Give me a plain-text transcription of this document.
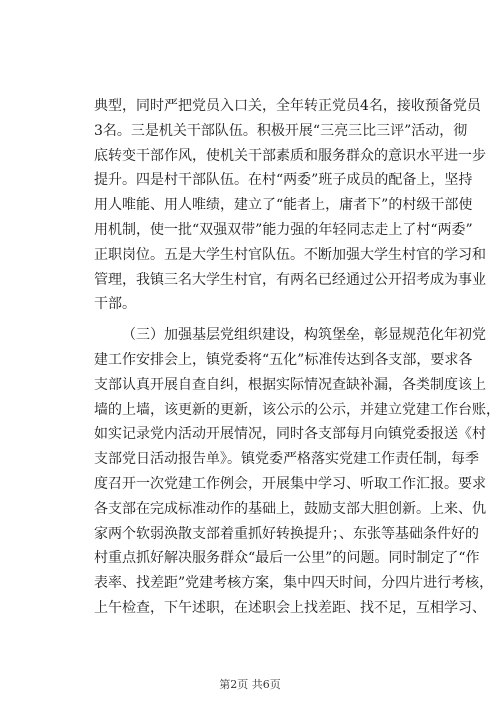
典型，同时严把党员入口关，全年转正党员4名，接收预备党员
3名。三是机关干部队伍。积极开展“三亮三比三评”活动，彻
底转变干部作风，使机关干部素质和服务群众的意识水平进一步
提升。四是村干部队伍。在村“两委”班子成员的配备上，坚持
用人唯能、用人唯绩，建立了“能者上，庸者下”的村级干部使
用机制，使一批“双强双带”能力强的年轻同志走上了村“两委”
正职岗位。五是大学生村官队伍。不断加强大学生村官的学习和
管理，我镇三名大学生村官，有两名已经通过公开招考成为事业
干部。
（三）加强基层党组织建设，构筑堡垒，彰显规范化年初党
建工作安排会上，镇党委将“五化”标准传达到各支部，要求各
支部认真开展自查自纠，根据实际情况查缺补漏，各类制度该上
墙的上墙，该更新的更新，该公示的公示，并建立党建工作台账，
如实记录党内活动开展情况，同时各支部每月向镇党委报送《村
支部党日活动报告单》。镇党委严格落实党建工作责任制，每季
度召开一次党建工作例会，开展集中学习、听取工作汇报。要求
各支部在完成标准动作的基础上，鼓励支部大胆创新。上来、仇
家两个软弱涣散支部着重抓好转换提升；、东张等基础条件好的
村重点抓好解决服务群众“最后一公里”的问题。同时制定了“作
表率、找差距”党建考核方案，集中四天时间，分四片进行考核，
上午检查，下午述职，在述职会上找差距、找不足，互相学习、
第2页 共6页
